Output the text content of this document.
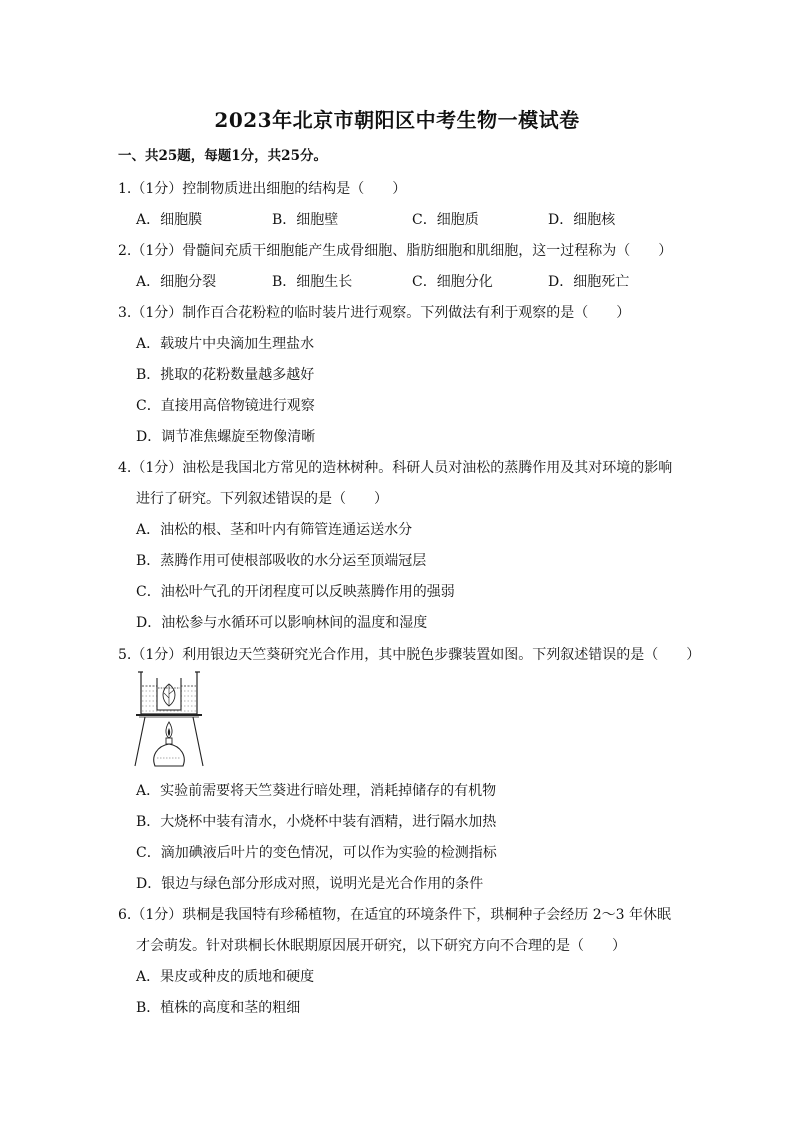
2023年北京市朝阳区中考生物一模试卷
一、共25题，每题1分，共25分。
1.（1分）控制物质进出细胞的结构是（　　）
A．细胞膜	B．细胞壁	C．细胞质	D．细胞核
2.（1分）骨髓间充质干细胞能产生成骨细胞、脂肪细胞和肌细胞，这一过程称为（　　）
A．细胞分裂	B．细胞生长	C．细胞分化	D．细胞死亡
3.（1分）制作百合花粉粒的临时装片进行观察。下列做法有利于观察的是（　　）
A．载玻片中央滴加生理盐水
B．挑取的花粉数量越多越好
C．直接用高倍物镜进行观察
D．调节准焦螺旋至物像清晰
4.（1分）油松是我国北方常见的造林树种。科研人员对油松的蒸腾作用及其对环境的影响
进行了研究。下列叙述错误的是（　　）
A．油松的根、茎和叶内有筛管连通运送水分
B．蒸腾作用可使根部吸收的水分运至顶端冠层
C．油松叶气孔的开闭程度可以反映蒸腾作用的强弱
D．油松参与水循环可以影响林间的温度和湿度
5.（1分）利用银边天竺葵研究光合作用，其中脱色步骤装置如图。下列叙述错误的是（　　）
A．实验前需要将天竺葵进行暗处理，消耗掉储存的有机物
B．大烧杯中装有清水，小烧杯中装有酒精，进行隔水加热
C．滴加碘液后叶片的变色情况，可以作为实验的检测指标
D．银边与绿色部分形成对照，说明光是光合作用的条件
6.（1分）珙桐是我国特有珍稀植物，在适宜的环境条件下，珙桐种子会经历 2～3 年休眠
才会萌发。针对珙桐长休眠期原因展开研究，以下研究方向不合理的是（　　）
A．果皮或种皮的质地和硬度
B．植株的高度和茎的粗细
